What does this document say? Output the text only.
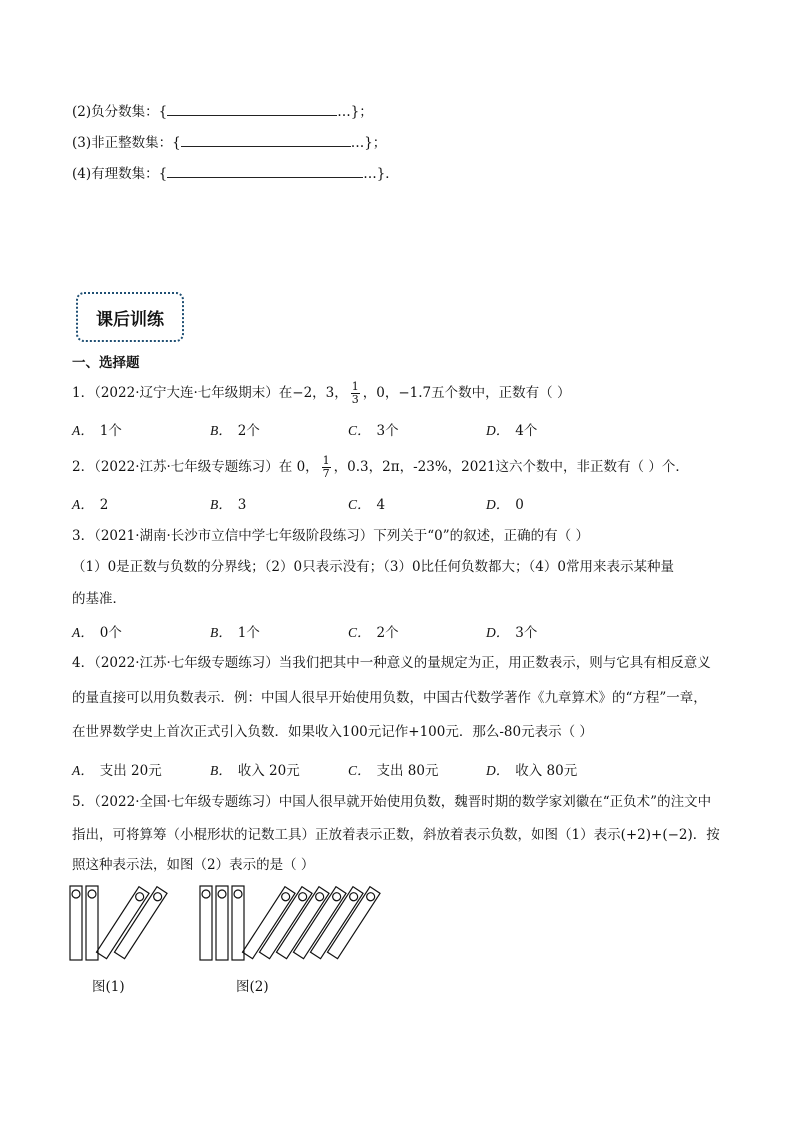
(2)负分数集：{	…}；
(3)非正整数集：{	…}；
(4)有理数集：{	…}．
课后训练
一、选择题
1．（2022·辽宁大连·七年级期末）在−2，3， $\frac{1}{3}$ ，0，−1.7五个数中，正数有（ ）
A． 1个	B． 2个	C． 3个	D． 4个
2．（2022·江苏·七年级专题练习）在 0， $\frac{1}{7}$ ，0.3，2π，-23%，2021这六个数中，非正数有（ ）个．
A． 2	B． 3	C． 4	D． 0
3．（2021·湖南·长沙市立信中学七年级阶段练习）下列关于“0”的叙述，正确的有（ ）
（1）0是正数与负数的分界线；（2）0只表示没有；（3）0比任何负数都大；（4）0常用来表示某种量
的基准．
A． 0个	B． 1个	C． 2个	D． 3个
4．（2022·江苏·七年级专题练习）当我们把其中一种意义的量规定为正，用正数表示，则与它具有相反意义
的量直接可以用负数表示．例：中国人很早开始使用负数，中国古代数学著作《九章算术》的“方程”一章，
在世界数学史上首次正式引入负数．如果收入100元记作+100元．那么-80元表示（ ）
A． 支出 20元	B． 收入 20元	C． 支出 80元	D． 收入 80元
5．（2022·全国·七年级专题练习）中国人很早就开始使用负数，魏晋时期的数学家刘徽在“正负术”的注文中
指出，可将算筹（小棍形状的记数工具）正放着表示正数，斜放着表示负数，如图（1）表示(+2)+(−2)．按
照这种表示法，如图（2）表示的是（ ）
图(1)	图(2)
